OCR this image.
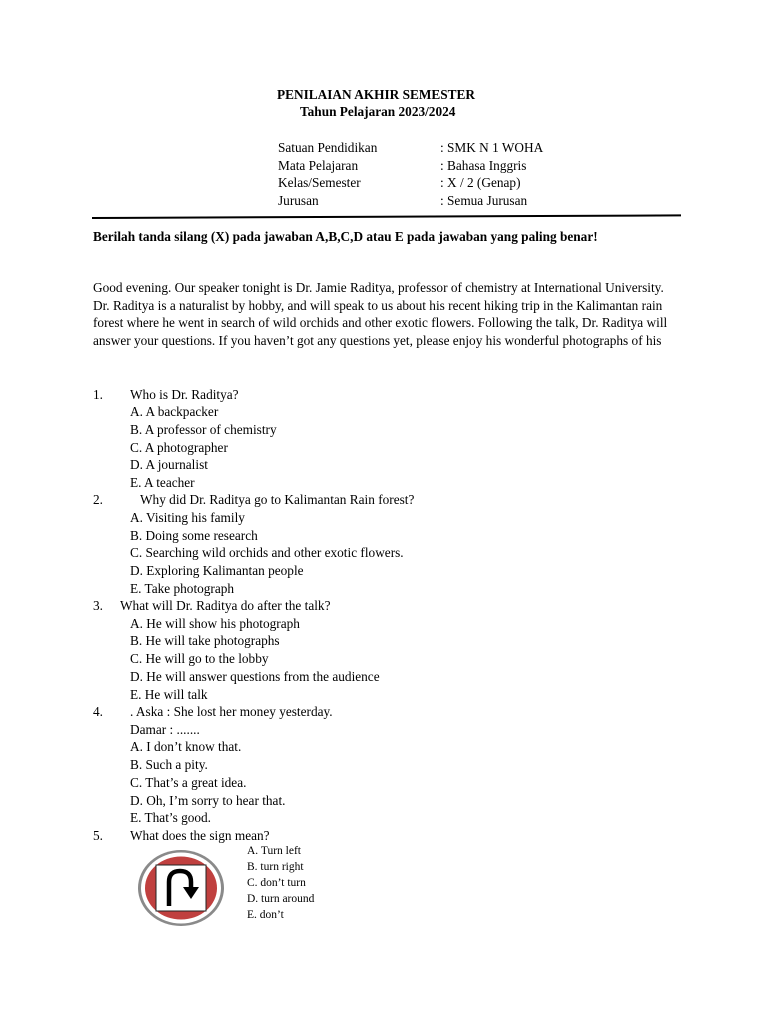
PENILAIAN AKHIR SEMESTER
Tahun Pelajaran 2023/2024
Satuan Pendidikan	: SMK N 1 WOHA
Mata Pelajaran	: Bahasa Inggris
Kelas/Semester	: X / 2 (Genap)
Jurusan	: Semua Jurusan
Berilah tanda silang (X) pada jawaban A,B,C,D atau E pada jawaban yang paling benar!
Good evening. Our speaker tonight is Dr. Jamie Raditya, professor of chemistry at International University. Dr. Raditya is a naturalist by hobby, and will speak to us about his recent hiking trip in the Kalimantan rain forest where he went in search of wild orchids and other exotic flowers. Following the talk, Dr. Raditya will answer your questions. If you haven’t got any questions yet, please enjoy his wonderful photographs of his
1. Who is Dr. Raditya?
A. A backpacker
B. A professor of chemistry
C. A photographer
D. A journalist
E. A teacher
2.	Why did Dr. Raditya go to Kalimantan Rain forest?
A. Visiting his family
B. Doing some research
C. Searching wild orchids and other exotic flowers.
D. Exploring Kalimantan people
E. Take photograph
3. What will Dr. Raditya do after the talk?
A. He will show his photograph
B. He will take photographs
C. He will go to the lobby
D. He will answer questions from the audience
E. He will talk
4. . Aska : She lost her money yesterday.
Damar : .......
A. I don’t know that.
B. Such a pity.
C. That’s a great idea.
D. Oh, I’m sorry to hear that.
E. That’s good.
5. What does the sign mean?
A. Turn left
B. turn right
C. don’t turn
D. turn around
E. don’t
